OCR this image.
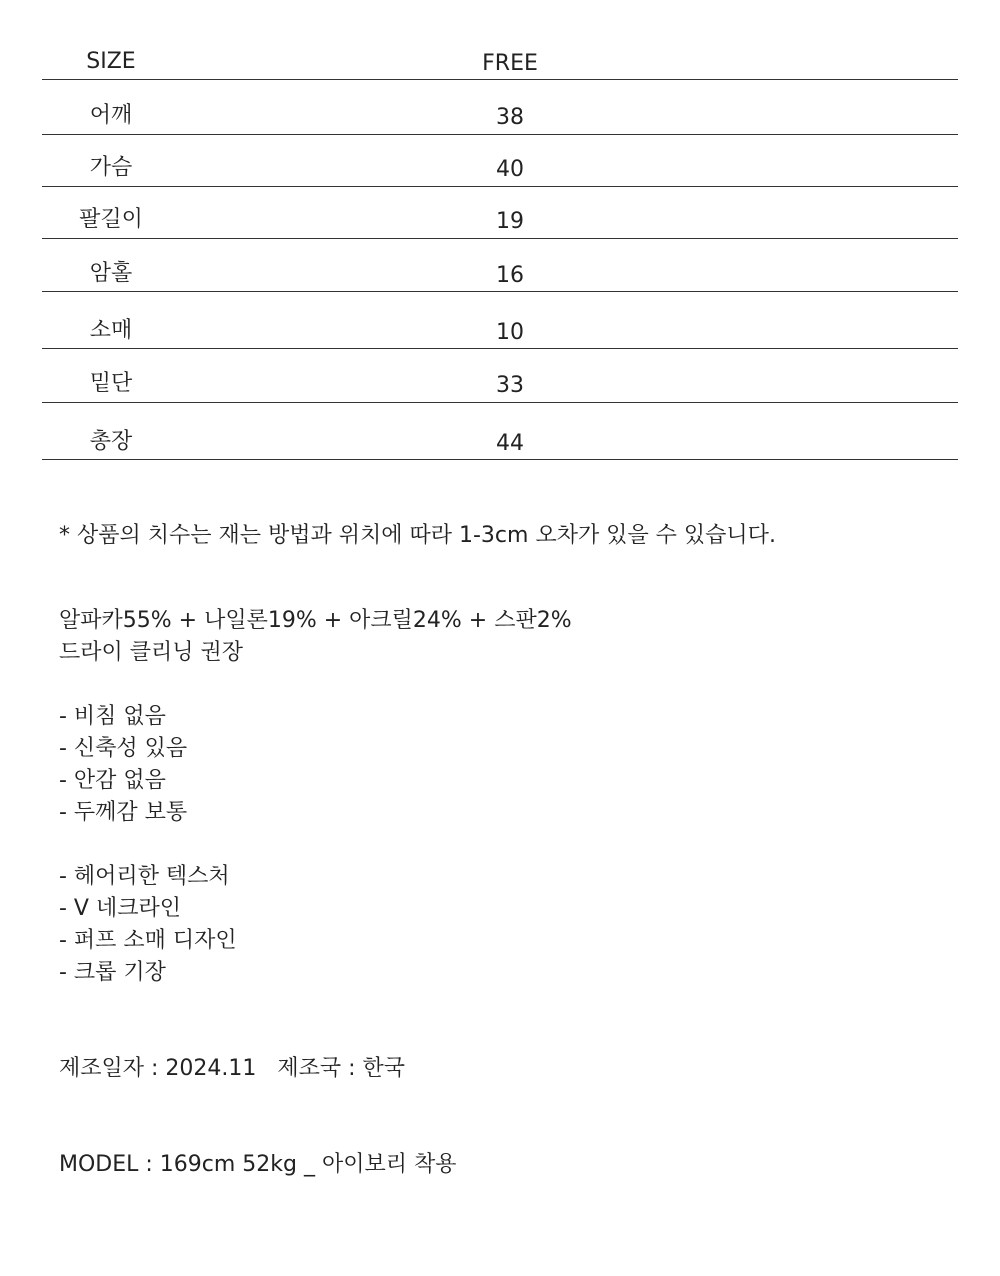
SIZE	FREE
어깨	38
가슴	40
팔길이	19
암홀	16
소매	10
밑단	33
총장	44
* 상품의 치수는 재는 방법과 위치에 따라 1-3cm 오차가 있을 수 있습니다.
알파카55% + 나일론19% + 아크릴24% + 스판2%
드라이 클리닝 권장
- 비침 없음
- 신축성 있음
- 안감 없음
- 두께감 보통
- 헤어리한 텍스처
- V 네크라인
- 퍼프 소매 디자인
- 크롭 기장
제조일자 : 2024.11   제조국 : 한국
MODEL : 169cm 52kg _ 아이보리 착용
